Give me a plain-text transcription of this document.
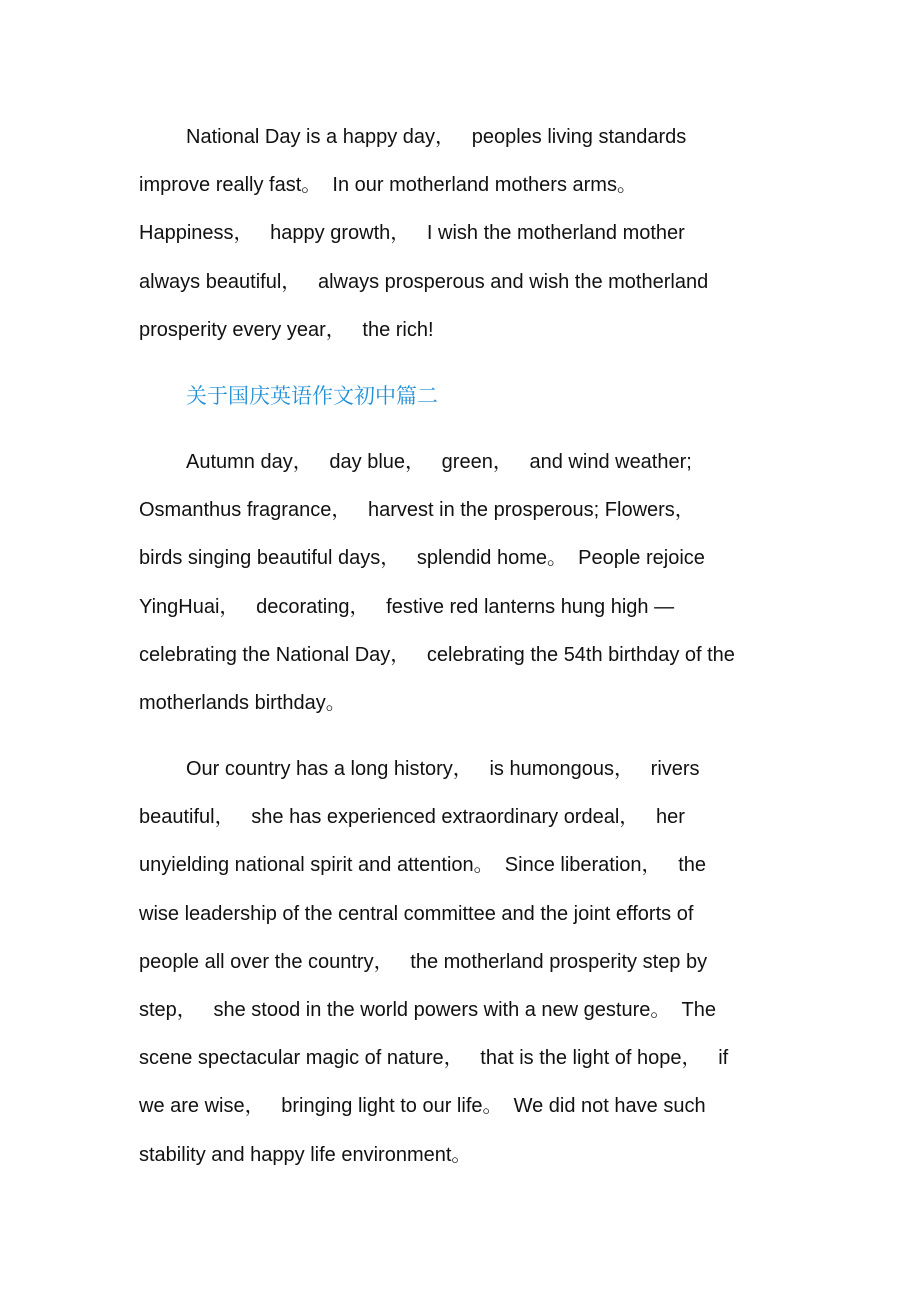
National Day is a happy day，   peoples living standards
improve really fast。  In our motherland mothers arms。
Happiness，   happy growth，   I wish the motherland mother
always beautiful，   always prosperous and wish the motherland
prosperity every year，   the rich!
关于国庆英语作文初中篇二
Autumn day，   day blue，   green，   and wind weather;
Osmanthus fragrance，   harvest in the prosperous; Flowers，
birds singing beautiful days，   splendid home。  People rejoice
YingHuai，   decorating，   festive red lanterns hung high —
celebrating the National Day，   celebrating the 54th birthday of the
motherlands birthday。
Our country has a long history，   is humongous，   rivers
beautiful，   she has experienced extraordinary ordeal，   her
unyielding national spirit and attention。  Since liberation，   the
wise leadership of the central committee and the joint efforts of
people all over the country，   the motherland prosperity step by
step，   she stood in the world powers with a new gesture。  The
scene spectacular magic of nature，   that is the light of hope，   if
we are wise，   bringing light to our life。  We did not have such
stability and happy life environment。
